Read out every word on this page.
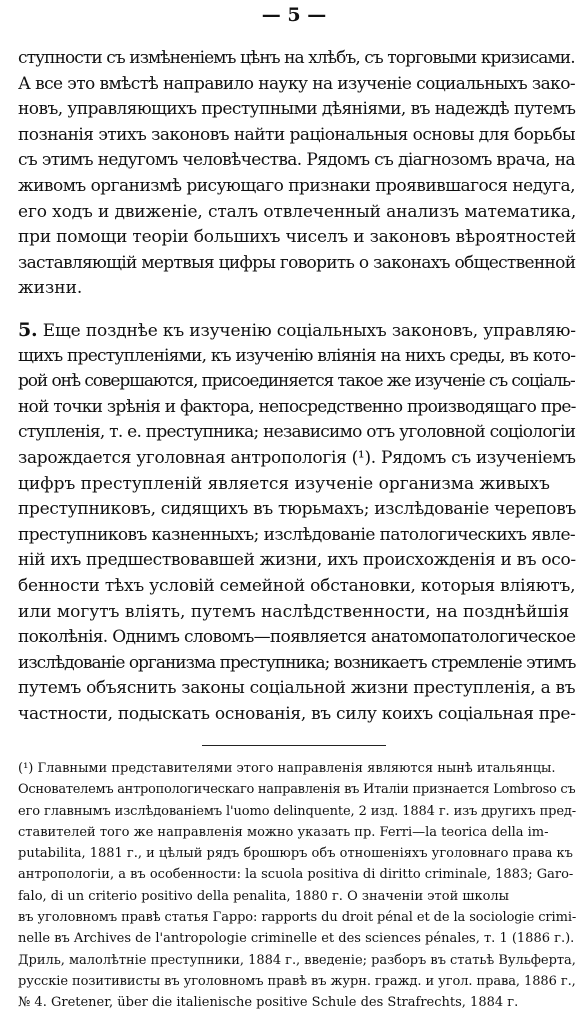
— 5 —
ступности съ измѣненіемъ цѣнъ на хлѣбъ, съ торговыми кризисами.
А все это вмѣстѣ направило науку на изученіе социальныхъ зако-
новъ, управляющихъ преступными дѣяніями, въ надеждѣ путемъ
познанія этихъ законовъ найти раціональныя основы для борьбы
съ этимъ недугомъ человѣчества. Рядомъ съ діагнозомъ врача, на
живомъ организмѣ рисующаго признаки проявившагося недуга,
его ходъ и движеніе, сталъ отвлеченный анализъ математика,
при помощи теоріи большихъ чиселъ и законовъ вѣроятностей
заставляющій мертвыя цифры говорить о законахъ общественной
жизни.
5. Еще позднѣе къ изученію соціальныхъ законовъ, управляю-
щихъ преступленіями, къ изученію вліянія на нихъ среды, въ кото-
рой онѣ совершаются, присоединяется такое же изученіе съ соціаль-
ной точки зрѣнія и фактора, непосредственно производящаго пре-
ступленія, т. е. преступника; независимо отъ уголовной соціологіи
зарождается уголовная антропологія (¹). Рядомъ съ изученіемъ
цифръ преступленій является изученіе организма живыхъ
преступниковъ, сидящихъ въ тюрьмахъ; изслѣдованіе череповъ
преступниковъ казненныхъ; изслѣдованіе патологическихъ явле-
ній ихъ предшествовавшей жизни, ихъ происхожденія и въ осо-
бенности тѣхъ условій семейной обстановки, которыя вліяютъ,
или могутъ вліять, путемъ наслѣдственности, на позднѣйшія
поколѣнія. Однимъ словомъ—появляется анатомопатологическое
изслѣдованіе организма преступника; возникаетъ стремленіе этимъ
путемъ объяснить законы соціальной жизни преступленія, а въ
частности, подыскать основанія, въ силу коихъ соціальная пре-
(¹) Главными представителями этого направленія являются нынѣ итальянцы.
Основателемъ антропологическаго направленія въ Италіи признается Lombroso съ
его главнымъ изслѣдованіемъ l'uomo delinquente, 2 изд. 1884 г. изъ другихъ пред-
ставителей того же направленія можно указать пр. Ferri—la teorica della im-
putabilita, 1881 г., и цѣлый рядъ брошюръ объ отношеніяхъ уголовнаго права къ
антропологіи, а въ особенности: la scuola positiva di diritto criminale, 1883; Garo-
falo, di un criterio positivo della penalita, 1880 г. О значеніи этой школы
въ уголовномъ правѣ статья Гарро: rapports du droit pénal et de la sociologie crimi-
nelle въ Archives de l'antropologie criminelle et des sciences pénales, т. 1 (1886 г.).
Дриль, малолѣтніе преступники, 1884 г., введеніе; разборъ въ статьѣ Вульферта,
русскіе позитивисты въ уголовномъ правѣ въ журн. гражд. и угол. права, 1886 г.,
№ 4. Gretener, über die italienische positive Schule des Strafrechts, 1884 г.
